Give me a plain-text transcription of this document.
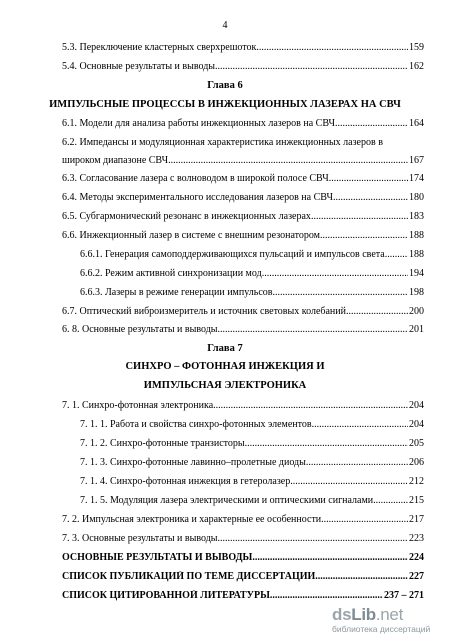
4
5.3. Переключение кластерных сверхрешоток .....	159
5.4. Основные результаты и выводы .....	162
Глава 6
ИМПУЛЬСНЫЕ ПРОЦЕССЫ В ИНЖЕКЦИОННЫХ ЛАЗЕРАХ НА СВЧ
6.1. Модели для анализа работы инжекционных лазеров на СВЧ .....	164
6.2. Импедансы и модуляционная характеристика инжекционных лазеров в
широком диапазоне СВЧ .....	167
6.3. Согласование лазера с волноводом в широкой полосе СВЧ .....	174
6.4. Методы экспериментального исследования лазеров на СВЧ .....	180
6.5. Субгармонический резонанс в инжекционных лазерах .....	183
6.6. Инжекционный лазер в системе с внешним резонатором .....	188
6.6.1. Генерация самоподдерживающихся пульсаций и импульсов света ..... 188
6.6.2. Режим активной синхронизации мод .....	194
6.6.3. Лазеры в режиме генерации импульсов .....	198
6.7. Оптический виброизмеритель и источник световых колебаний .....	200
6. 8. Основные результаты и выводы .....	201
Глава 7
СИНХРО – ФОТОННАЯ ИНЖЕКЦИЯ И
ИМПУЛЬСНАЯ ЭЛЕКТРОНИКА
7. 1. Синхро-фотонная электроника .....	204
7. 1. 1. Работа и свойства синхро-фотонных элементов .....	204
7. 1. 2. Синхро-фотонные транзисторы .....	205
7. 1. 3. Синхро-фотонные лавинно–пролетные диоды .....	206
7. 1. 4. Синхро-фотонная инжекция в гетеролазер .....	212
7. 1. 5. Модуляция лазера электрическими и оптическими сигналами .....	215
7. 2. Импульсная электроника и характерные ее особенности .....	217
7. 3. Основные результаты и выводы .....	223
ОСНОВНЫЕ РЕЗУЛЬТАТЫ И ВЫВОДЫ .....	224
СПИСОК ПУБЛИКАЦИЙ ПО ТЕМЕ ДИССЕРТАЦИИ .....	227
СПИСОК ЦИТИРОВАННОЙ ЛИТЕРАТУРЫ .....	237 – 271
dsLib.net
библиотека диссертаций
